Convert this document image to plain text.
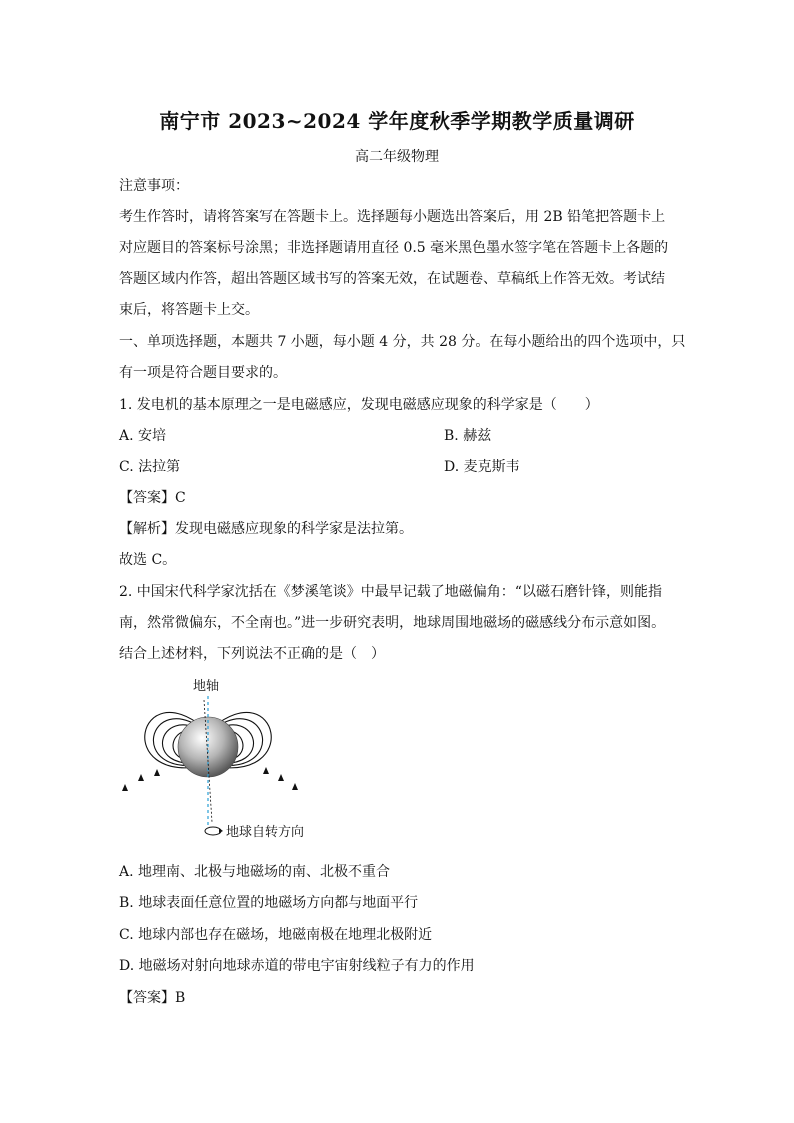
南宁市 2023~2024 学年度秋季学期教学质量调研
高二年级物理
注意事项：
考生作答时，请将答案写在答题卡上。选择题每小题选出答案后，用 2B 铅笔把答题卡上
对应题目的答案标号涂黑；非选择题请用直径 0.5 毫米黑色墨水签字笔在答题卡上各题的
答题区域内作答，超出答题区域书写的答案无效，在试题卷、草稿纸上作答无效。考试结
束后，将答题卡上交。
一、单项选择题，本题共 7 小题，每小题 4 分，共 28 分。在每小题给出的四个选项中，只
有一项是符合题目要求的。
1. 发电机的基本原理之一是电磁感应，发现电磁感应现象的科学家是（　　）
A. 安培	B. 赫兹
C. 法拉第	D. 麦克斯韦
【答案】C
【解析】发现电磁感应现象的科学家是法拉第。
故选 C。
2. 中国宋代科学家沈括在《梦溪笔谈》中最早记载了地磁偏角：“以磁石磨针锋，则能指
南，然常微偏东，不全南也。”进一步研究表明，地球周围地磁场的磁感线分布示意如图。
结合上述材料，下列说法不正确的是（　）
地轴
地球自转方向
A. 地理南、北极与地磁场的南、北极不重合
B. 地球表面任意位置的地磁场方向都与地面平行
C. 地球内部也存在磁场，地磁南极在地理北极附近
D. 地磁场对射向地球赤道的带电宇宙射线粒子有力的作用
【答案】B
